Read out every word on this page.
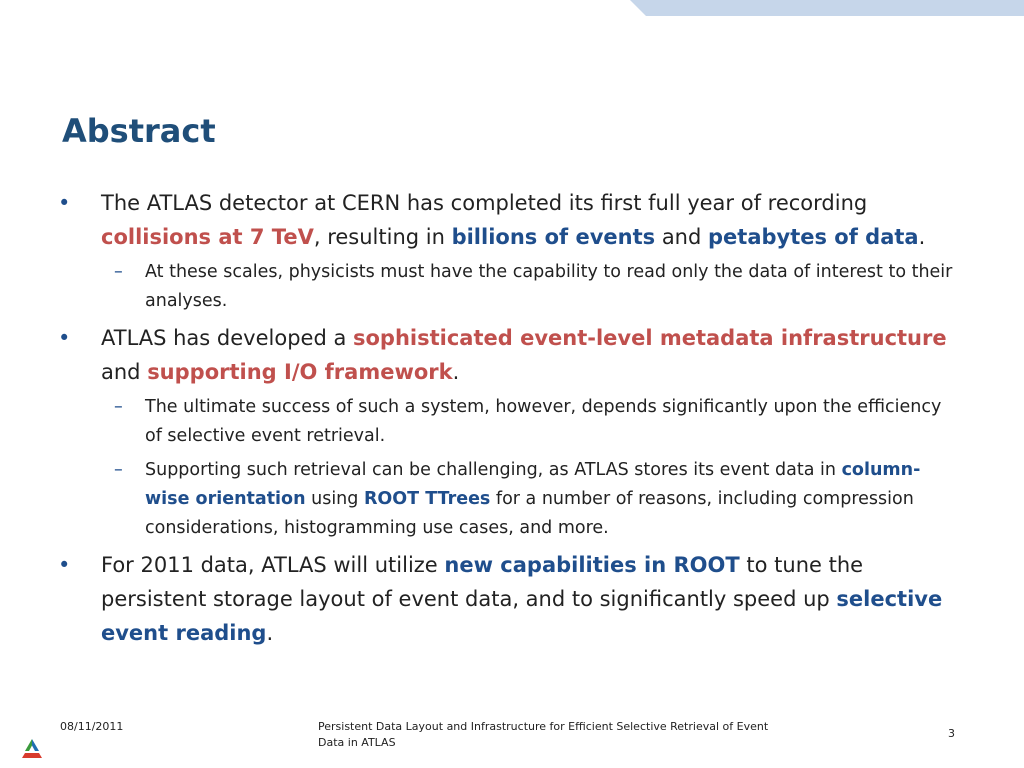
Abstract
• The ATLAS detector at CERN has completed its first full year of recording collisions at 7 TeV, resulting in billions of events and petabytes of data.
– At these scales, physicists must have the capability to read only the data of interest to their analyses.
• ATLAS has developed a sophisticated event-level metadata infrastructure and supporting I/O framework.
– The ultimate success of such a system, however, depends significantly upon the efficiency of selective event retrieval.
– Supporting such retrieval can be challenging, as ATLAS stores its event data in column-wise orientation using ROOT TTrees for a number of reasons, including compression considerations, histogramming use cases, and more.
• For 2011 data, ATLAS will utilize new capabilities in ROOT to tune the persistent storage layout of event data, and to significantly speed up selective event reading.
08/11/2011	Persistent Data Layout and Infrastructure for Efficient Selective Retrieval of Event Data in ATLAS
3
